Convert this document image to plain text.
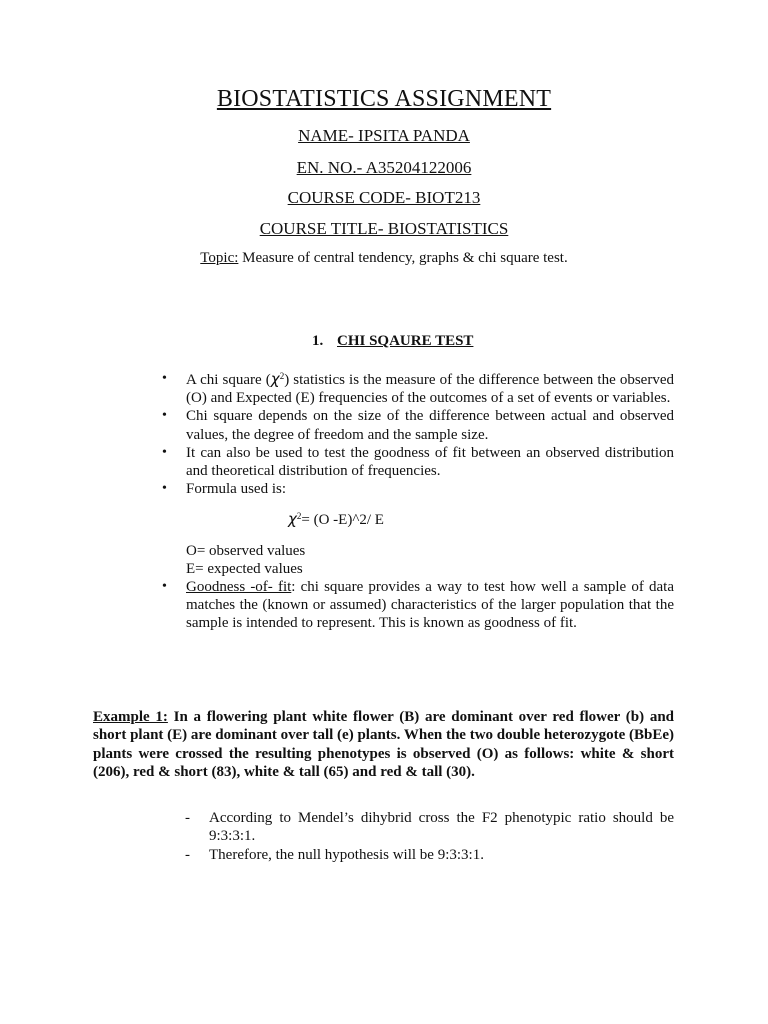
BIOSTATISTICS ASSIGNMENT
NAME- IPSITA PANDA
EN. NO.- A35204122006
COURSE CODE- BIOT213
COURSE TITLE- BIOSTATISTICS
Topic: Measure of central tendency, graphs & chi square test.
1. CHI SQAURE TEST
• A chi square $(\chi^2)$ statistics is the measure of the difference between the observed (O) and Expected (E) frequencies of the outcomes of a set of events or variables.
• Chi square depends on the size of the difference between actual and observed values, the degree of freedom and the sample size.
• It can also be used to test the goodness of fit between an observed distribution and theoretical distribution of frequencies.
• Formula used is:
$\chi^2= (O$ -E)^2/ E
O= observed values
E= expected values
• Goodness -of- fit: chi square provides a way to test how well a sample of data matches the (known or assumed) characteristics of the larger population that the sample is intended to represent. This is known as goodness of fit.
Example 1: In a flowering plant white flower (B) are dominant over red flower (b) and short plant (E) are dominant over tall (e) plants. When the two double heterozygote (BbEe) plants were crossed the resulting phenotypes is observed (O) as follows: white & short (206), red & short (83), white & tall (65) and red & tall (30).
- According to Mendel’s dihybrid cross the F2 phenotypic ratio should be 9:3:3:1.
- Therefore, the null hypothesis will be 9:3:3:1.
